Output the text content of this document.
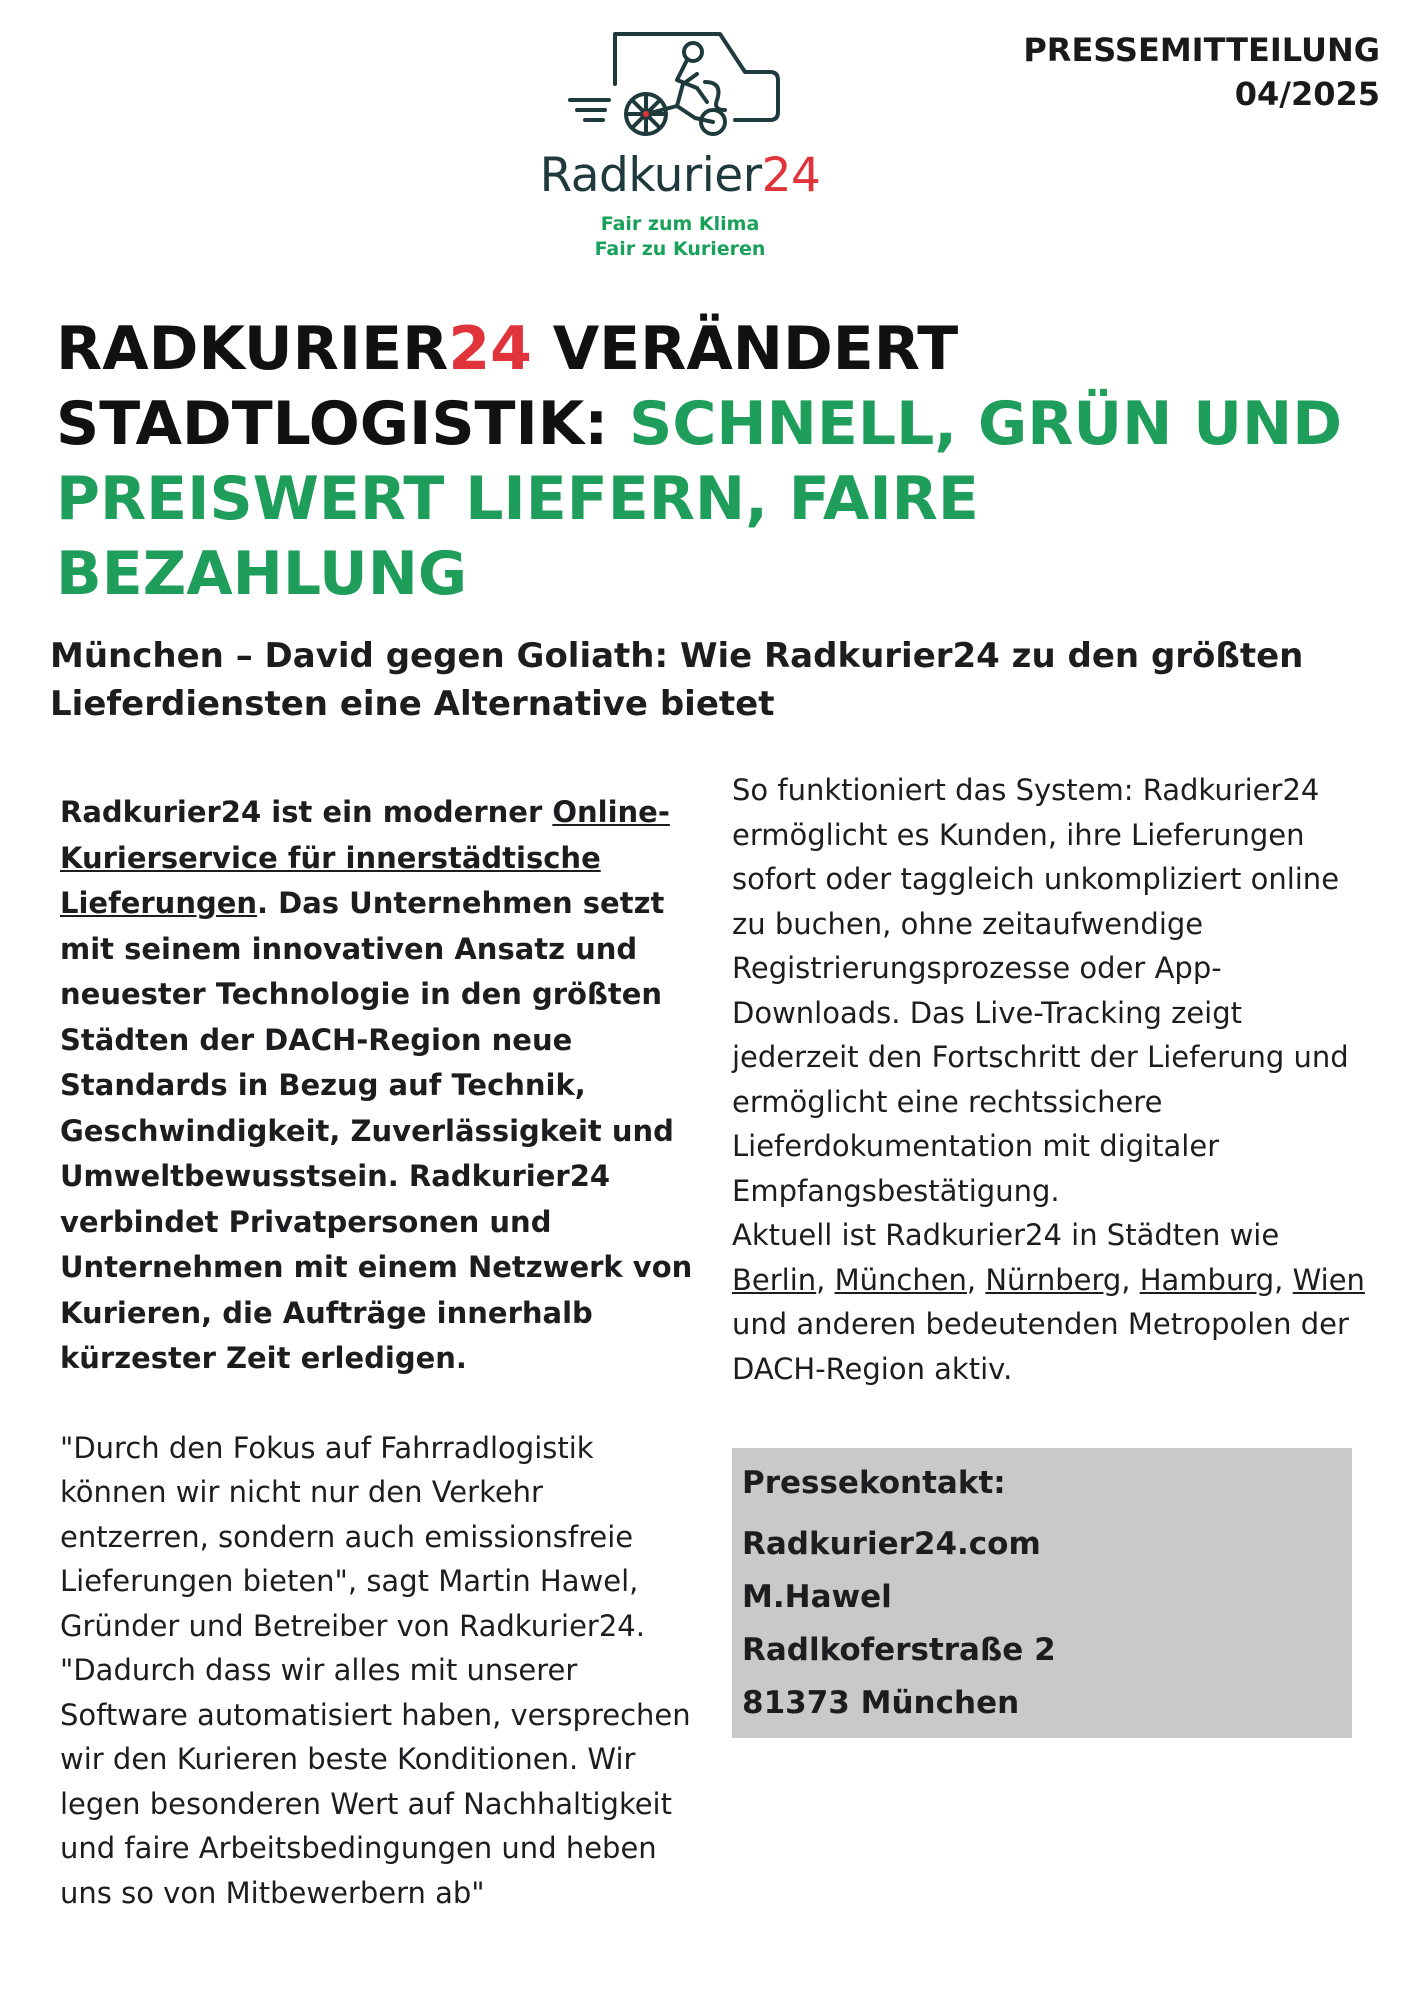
PRESSEMITTEILUNG
04/2025
Radkurier24
Fair zum Klima
Fair zu Kurieren
RADKURIER24 VERÄNDERT STADTLOGISTIK: SCHNELL, GRÜN UND PREISWERT LIEFERN, FAIRE BEZAHLUNG
München – David gegen Goliath: Wie Radkurier24 zu den größten Lieferdiensten eine Alternative bietet

Radkurier24 ist ein moderner Online-Kurierservice für innerstädtische Lieferungen. Das Unternehmen setzt mit seinem innovativen Ansatz und neuester Technologie in den größten Städten der DACH-Region neue Standards in Bezug auf Technik, Geschwindigkeit, Zuverlässigkeit und Umweltbewusstsein. Radkurier24 verbindet Privatpersonen und Unternehmen mit einem Netzwerk von Kurieren, die Aufträge innerhalb kürzester Zeit erledigen.

"Durch den Fokus auf Fahrradlogistik können wir nicht nur den Verkehr entzerren, sondern auch emissionsfreie Lieferungen bieten", sagt Martin Hawel, Gründer und Betreiber von Radkurier24. "Dadurch dass wir alles mit unserer Software automatisiert haben, versprechen wir den Kurieren beste Konditionen. Wir legen besonderen Wert auf Nachhaltigkeit und faire Arbeitsbedingungen und heben uns so von Mitbewerbern ab"

So funktioniert das System: Radkurier24 ermöglicht es Kunden, ihre Lieferungen sofort oder taggleich unkompliziert online zu buchen, ohne zeitaufwendige Registrierungsprozesse oder App-Downloads. Das Live-Tracking zeigt jederzeit den Fortschritt der Lieferung und ermöglicht eine rechtssichere Lieferdokumentation mit digitaler Empfangsbestätigung.

Aktuell ist Radkurier24 in Städten wie Berlin, München, Nürnberg, Hamburg, Wien und anderen bedeutenden Metropolen der DACH-Region aktiv.

Pressekontakt:
Radkurier24.com
M.Hawel
Radlkoferstraße 2
81373 München
